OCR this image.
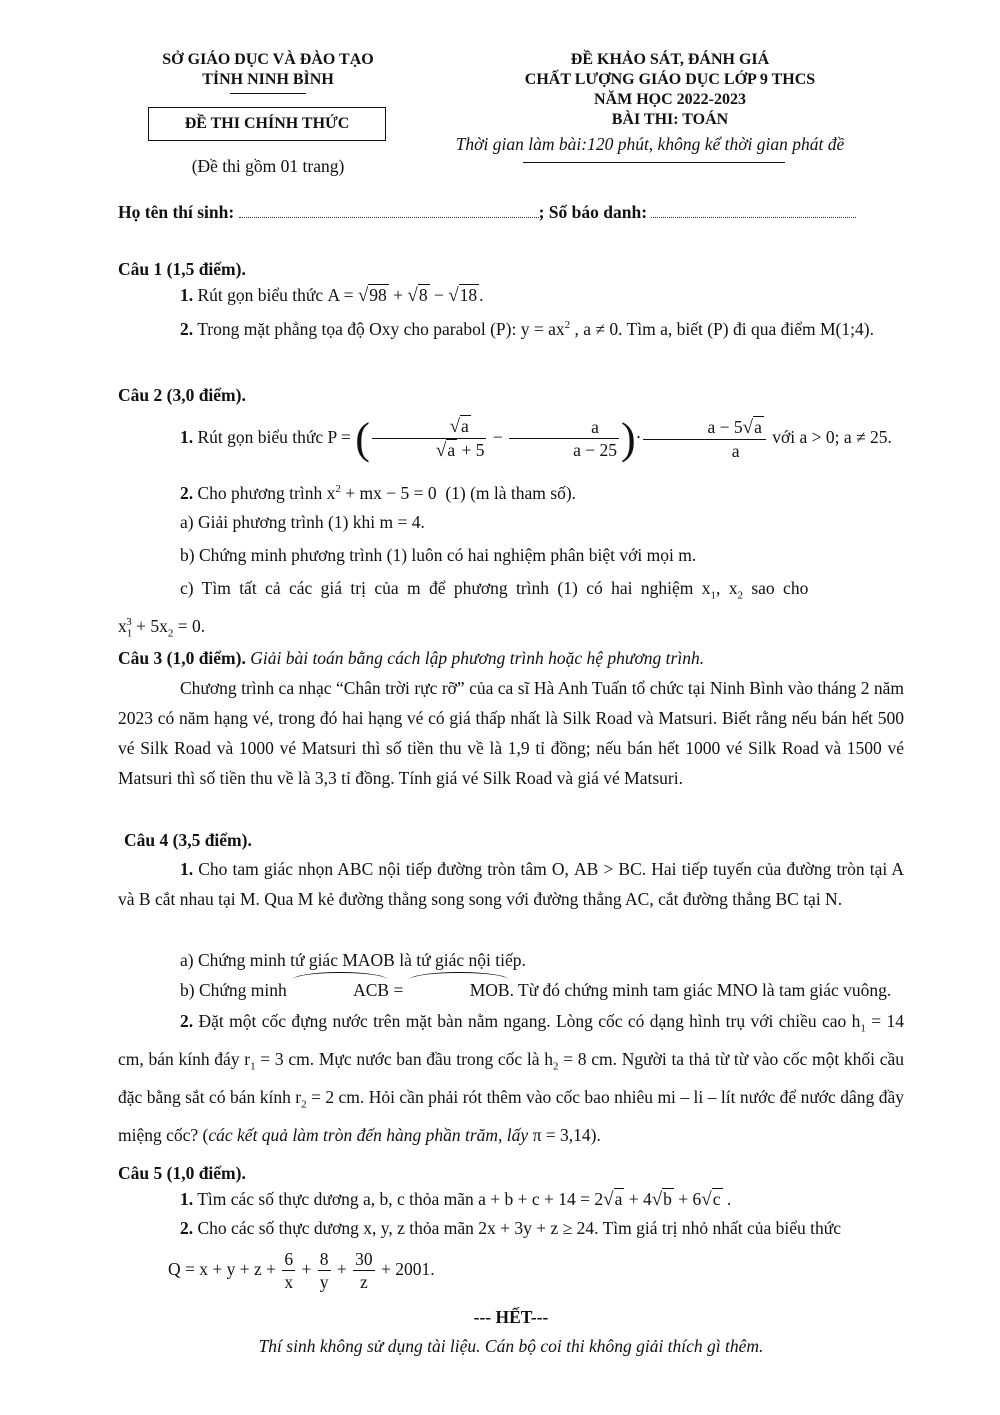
SỞ GIÁO DỤC VÀ ĐÀO TẠO
TỈNH NINH BÌNH
ĐỀ THI CHÍNH THỨC
(Đề thi gồm 01 trang)
ĐỀ KHẢO SÁT, ĐÁNH GIÁ
CHẤT LƯỢNG GIÁO DỤC LỚP 9 THCS
NĂM HỌC 2022-2023
BÀI THI: TOÁN
Thời gian làm bài:120 phút, không kể thời gian phát đề
Họ tên thí sinh:	; Số báo danh:
Câu 1 (1,5 điểm).
1. Rút gọn biểu thức A = √98 + √8 − √18 .
2. Trong mặt phẳng tọa độ Oxy cho parabol (P): $y = ax^2$ , a ≠ 0. Tìm a, biết (P) đi qua điểm M(1;4).
Câu 2 (3,0 điểm).
1. Rút gọn biểu thức P = ( $\frac{√a}{√a + 5} - \frac{a}{a - 25}$ )· $\frac{a - 5√a}{a}$ với a > 0; a ≠ 25.
2. Cho phương trình $x^2$ + mx − 5 = 0  (1) (m là tham số).
a) Giải phương trình (1) khi m = 4.
b) Chứng minh phương trình (1) luôn có hai nghiệm phân biệt với mọi m.
c) Tìm tất cả các giá trị của m để phương trình (1) có hai nghiệm $x_1$, $x_2$ sao cho
$x_1^3 + 5x_2 = 0$.
Câu 3 (1,0 điểm). Giải bài toán bằng cách lập phương trình hoặc hệ phương trình.
Chương trình ca nhạc “Chân trời rực rỡ” của ca sĩ Hà Anh Tuấn tổ chức tại Ninh Bình vào tháng 2 năm 2023 có năm hạng vé, trong đó hai hạng vé có giá thấp nhất là Silk Road và Matsuri. Biết rằng nếu bán hết 500 vé Silk Road và 1000 vé Matsuri thì số tiền thu về là 1,9 tỉ đồng; nếu bán hết 1000 vé Silk Road và 1500 vé Matsuri thì số tiền thu về là 3,3 tỉ đồng. Tính giá vé Silk Road và giá vé Matsuri.
Câu 4 (3,5 điểm).
1. Cho tam giác nhọn ABC nội tiếp đường tròn tâm O, AB > BC. Hai tiếp tuyến của đường tròn tại A và B cắt nhau tại M. Qua M kẻ đường thẳng song song với đường thẳng AC, cắt đường thẳng BC tại N.
a) Chứng minh tứ giác MAOB là tứ giác nội tiếp.
b) Chứng minh	ACB =	MOB. Từ đó chứng minh tam giác MNO là tam giác vuông.
2. Đặt một cốc đựng nước trên mặt bàn nằm ngang. Lòng cốc có dạng hình trụ với chiều cao $h_1 = 14$ cm, bán kính đáy $r_1 = 3$ cm. Mực nước ban đầu trong cốc là $h_2 = 8$ cm. Người ta thả từ từ vào cốc một khối cầu đặc bằng sắt có bán kính $r_2 = 2$ cm. Hỏi cần phải rót thêm vào cốc bao nhiêu mi – li – lít nước để nước dâng đầy miệng cốc? (các kết quả làm tròn đến hàng phần trăm, lấy π = 3,14).
Câu 5 (1,0 điểm).
1. Tìm các số thực dương a, b, c thỏa mãn a + b + c + 14 = 2√a + 4√b + 6√c .
2. Cho các số thực dương x, y, z thỏa mãn 2x + 3y + z ≥ 24. Tìm giá trị nhỏ nhất của biểu thức
$Q = x + y + z + \frac{6}{x} + \frac{8}{y} + \frac{30}{z} + 2001$.
--- HẾT---
Thí sinh không sử dụng tài liệu. Cán bộ coi thi không giải thích gì thêm.
